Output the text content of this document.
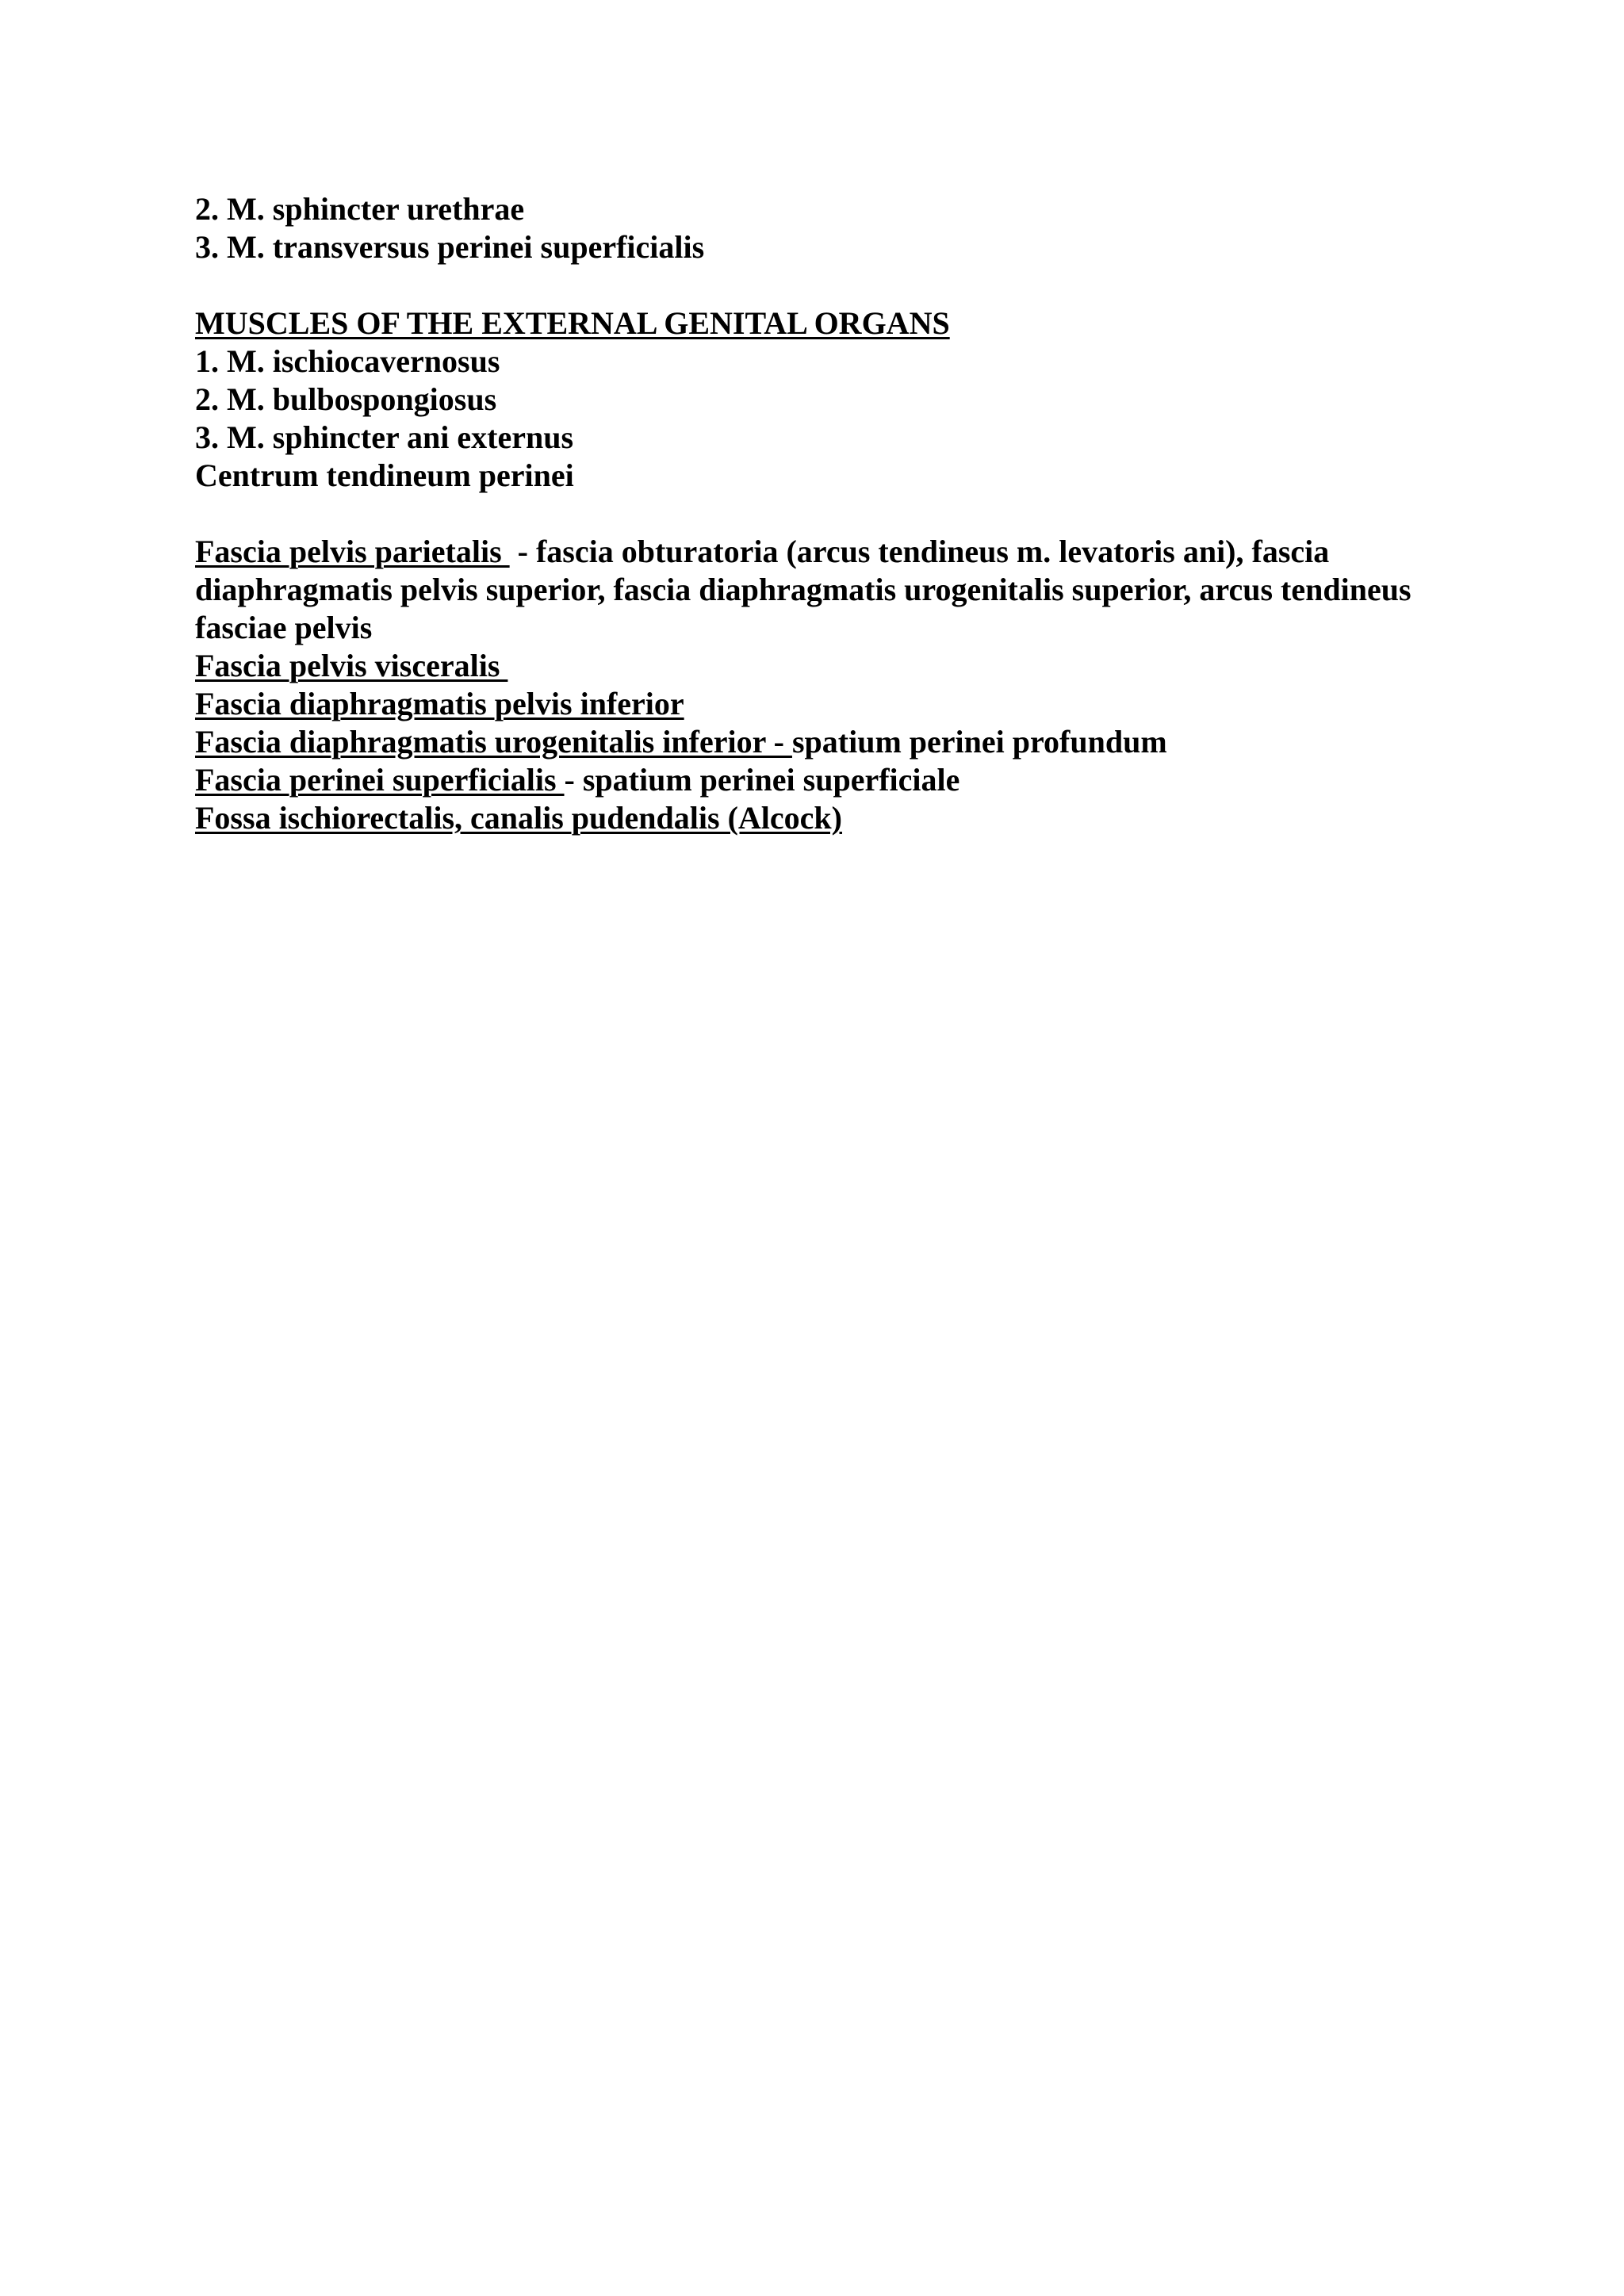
2. M. sphincter urethrae

3. M. transversus perinei superficialis

MUSCLES OF THE EXTERNAL GENITAL ORGANS

1. M. ischiocavernosus

2. M. bulbospongiosus

3. M. sphincter ani externus

Centrum tendineum perinei

Fascia pelvis parietalis  - fascia obturatoria (arcus tendineus m. levatoris ani), fascia diaphragmatis pelvis superior, fascia diaphragmatis urogenitalis superior, arcus tendineus fasciae pelvis

Fascia pelvis visceralis

Fascia diaphragmatis pelvis inferior

Fascia diaphragmatis urogenitalis inferior - spatium perinei profundum

Fascia perinei superficialis - spatium perinei superficiale

Fossa ischiorectalis, canalis pudendalis (Alcock)
